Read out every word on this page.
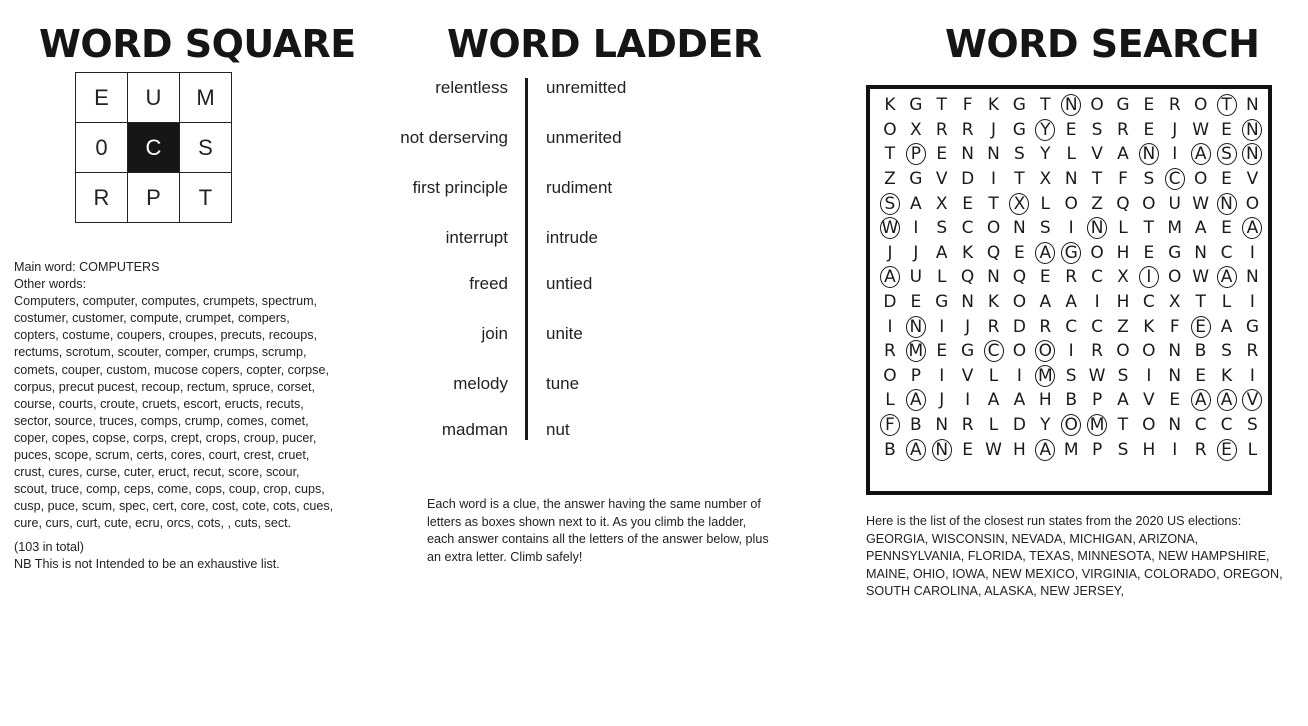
WORD SQUARE
E	U	M
0	C	S
R	P	T

Main word: COMPUTERS

Other words:

Computers, computer, computes, crumpets, spectrum, costumer, customer, compute, crumpet, compers, copters, costume, coupers, croupes, precuts, recoups, rectums, scrotum, scouter, comper, crumps, scrump, comets, couper, custom, mucose copers, copter, corpse, corpus, precut pucest, recoup, rectum, spruce, corset, course, courts, croute, cruets, escort, eructs, recuts, sector, source, truces, comps, crump, comes, comet, coper, copes, copse, corps, crept, crops, croup, pucer, puces, scope, scrum, certs, cores, court, crest, cruet, crust, cures, curse, cuter, eruct, recut, score, scour, scout, truce, comp, ceps, come, cops, coup, crop, cups, cusp, puce, scum, spec, cert, core, cost, cote, cots, cues, cure, curs, curt, cute, ecru, orcs, cots, , cuts, sect.

(103 in total)

NB This is not Intended to be an exhaustive list.

WORD LADDER
relentless unremitted
not derserving unmerited
first principle rudiment
interrupt intrude
freed untied
join unite
melody tune
madman nut
Each word is a clue, the answer having the same number of letters as boxes shown next to it. As you climb the ladder, each answer contains all the letters of the answer below, plus an extra letter. Climb safely!
WORD SEARCH
K G T F K G T N O G E R O T N
O X R R	J G Y E S R E	J W E N
T P E N N S Y L V A N	I	A S N
Z G V D I	T X N T F S C O E V
S A X E T X L O Z Q O U W N O
W I	S C O N S	I	N L T M A E A
J	J	A K Q E A G O H E G N C	I
A U L Q N Q E R C X	I O W A N
D E G N K O A A	I H C X T L	I
I	N	I	J	R D R C C Z K F E A G
R M E G C O O I	R O O N B S R
O P	I	V L	I M S W S	I	N E K	I
L A	J	I	A A H B P A V E A A V
F B N R L D Y O M T O N C C S
B A N E W H A M P S H I	R E L
Here is the list of the closest run states from the 2020 US elections:
GEORGIA, WISCONSIN, NEVADA, MICHIGAN, ARIZONA, PENNSYLVANIA, FLORIDA, TEXAS, MINNESOTA, NEW HAMPSHIRE, MAINE, OHIO, IOWA, NEW MEXICO, VIRGINIA, COLORADO, OREGON, SOUTH CAROLINA, ALASKA, NEW JERSEY,
